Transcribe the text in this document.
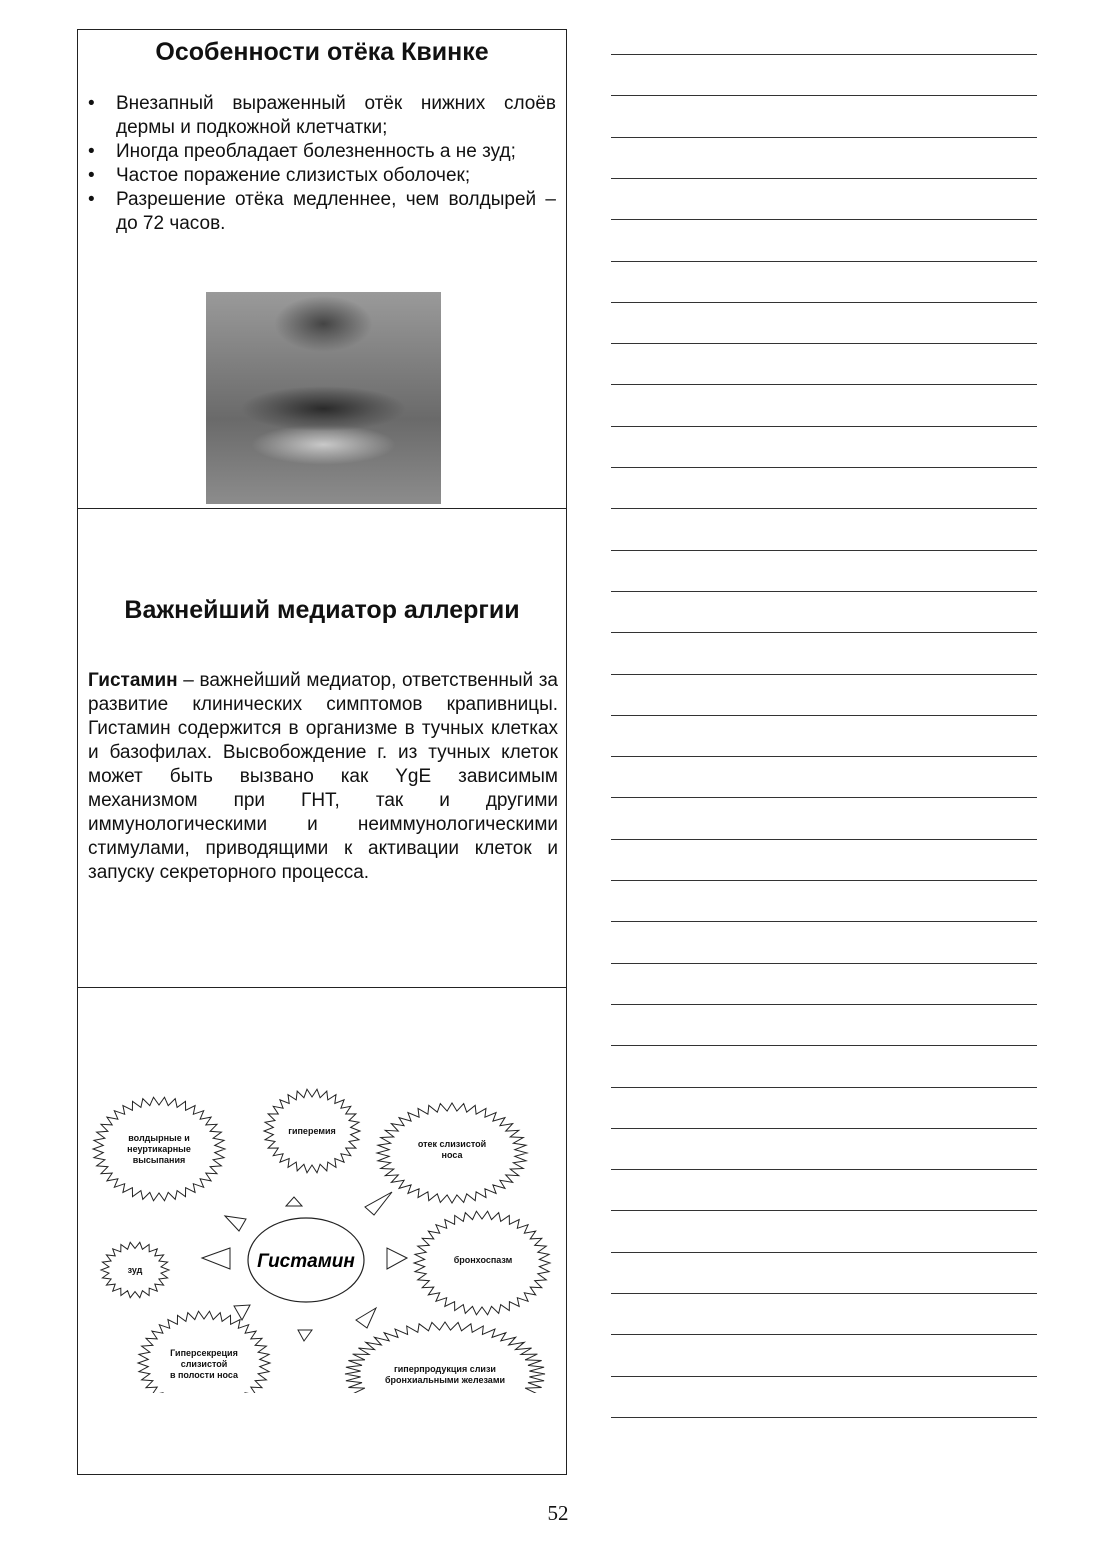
Особенности отёка Квинке
• Внезапный выраженный отёк нижних слоёв дермы и подкожной клетчатки;
• Иногда преобладает болезненность а не зуд;
• Частое поражение слизистых оболочек;
• Разрешение отёка медленнее, чем волдырей – до 72 часов.
Важнейший медиатор аллергии

Гистамин – важнейший медиатор, ответственный за развитие клинических симптомов крапивницы. Гистамин содержится в организме в тучных клетках и базофилах. Высвобождение г. из тучных клеток может быть вызвано как YgE зависимым механизмом при ГНТ, так и другими иммунологическими и неиммунологическими стимулами, приводящими к активации клеток и запуску секреторного процесса.

Гистамин
волдырные и неуртикарные высыпания
гиперемия
отек слизистой носа
зуд
бронхоспазм
Гиперсекреция слизистой в полости носа
гиперпродукция слизи бронхиальными железами
52
